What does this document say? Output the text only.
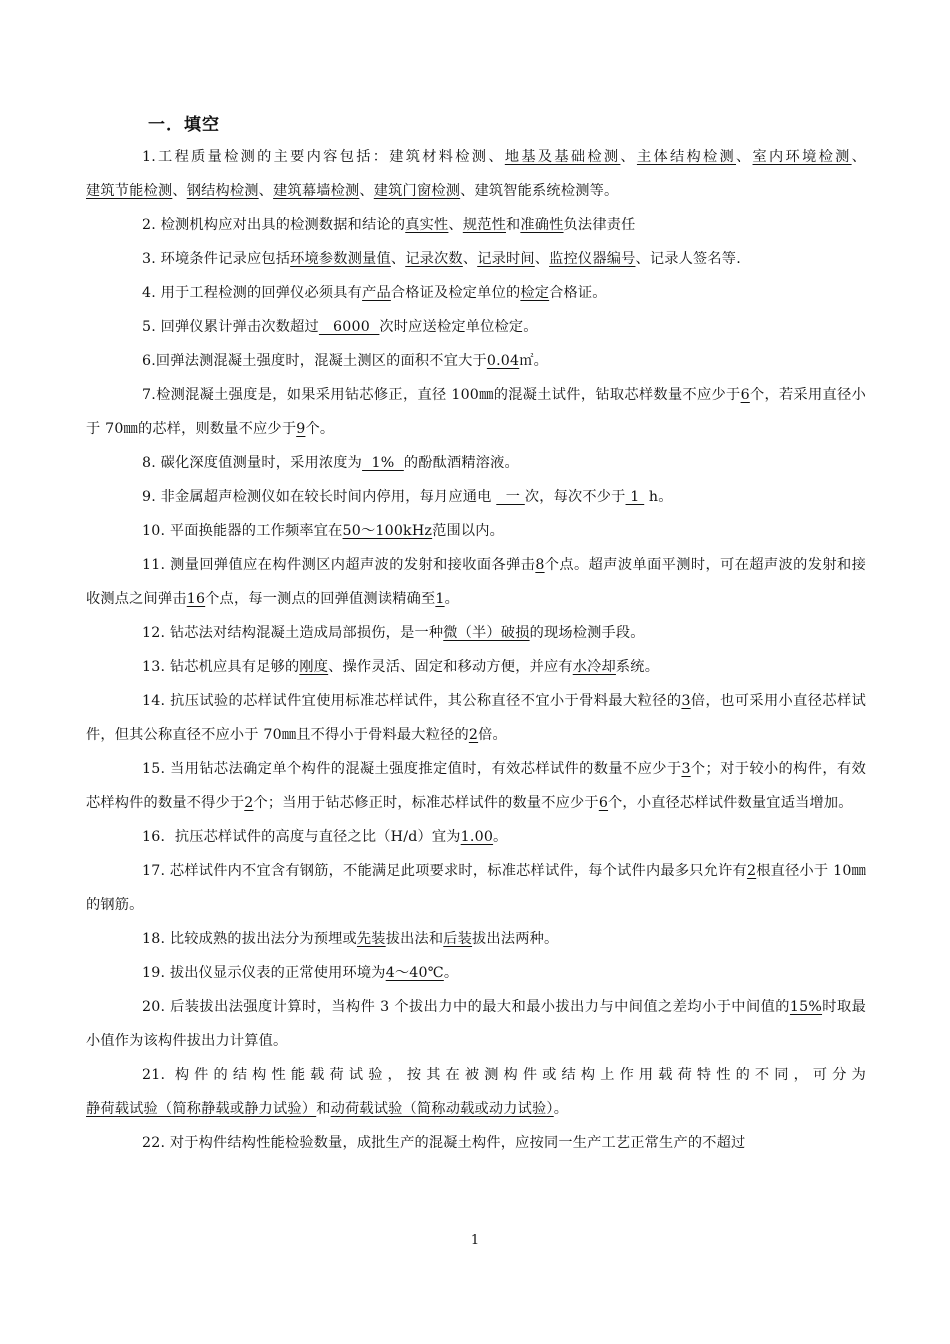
一．填空

1.工程质量检测的主要内容包括：建筑材料检测、地基及基础检测、主体结构检测、室内环境检测、建筑节能检测、钢结构检测、建筑幕墙检测、建筑门窗检测、建筑智能系统检测等。

2. 检测机构应对出具的检测数据和结论的真实性、规范性和准确性负法律责任

3. 环境条件记录应包括环境参数测量值、记录次数、记录时间、监控仪器编号、记录人签名等.

4. 用于工程检测的回弹仪必须具有产品合格证及检定单位的检定合格证。

5. 回弹仪累计弹击次数超过   6000  次时应送检定单位检定。

6.回弹法测混凝土强度时，混凝土测区的面积不宜大于0.04㎡。

7.检测混凝土强度是，如果采用钻芯修正，直径 100㎜的混凝土试件，钻取芯样数量不应少于6个，若采用直径小于 70㎜的芯样，则数量不应少于9个。

8. 碳化深度值测量时，采用浓度为  1%  的酚酞酒精溶液。

9. 非金属超声检测仪如在较长时间内停用，每月应通电   一 次，每次不少于 1  h。

10. 平面换能器的工作频率宜在50～100kHz范围以内。

11. 测量回弹值应在构件测区内超声波的发射和接收面各弹击8个点。超声波单面平测时，可在超声波的发射和接收测点之间弹击16个点，每一测点的回弹值测读精确至1。

12. 钻芯法对结构混凝土造成局部损伤，是一种微（半）破损的现场检测手段。

13. 钻芯机应具有足够的刚度、操作灵活、固定和移动方便，并应有水冷却系统。

14. 抗压试验的芯样试件宜使用标准芯样试件，其公称直径不宜小于骨料最大粒径的3倍，也可采用小直径芯样试件，但其公称直径不应小于 70㎜且不得小于骨料最大粒径的2倍。

15. 当用钻芯法确定单个构件的混凝土强度推定值时，有效芯样试件的数量不应少于3个；对于较小的构件，有效芯样构件的数量不得少于2个；当用于钻芯修正时，标准芯样试件的数量不应少于6个，小直径芯样试件数量宜适当增加。

16．抗压芯样试件的高度与直径之比（H/d）宜为1.00。

17. 芯样试件内不宜含有钢筋，不能满足此项要求时，标准芯样试件，每个试件内最多只允许有2根直径小于 10㎜的钢筋。

18. 比较成熟的拔出法分为预埋或先装拔出法和后装拔出法两种。

19. 拔出仪显示仪表的正常使用环境为4～40℃。

20. 后装拔出法强度计算时，当构件 3 个拔出力中的最大和最小拔出力与中间值之差均小于中间值的15%时取最小值作为该构件拔出力计算值。

21. 构件的结构性能载荷试验，按其在被测构件或结构上作用载荷特性的不同，可分为静荷载试验（简称静载或静力试验）和动荷载试验（简称动载或动力试验）。

22. 对于构件结构性能检验数量，成批生产的混凝土构件，应按同一生产工艺正常生产的不超过

1
